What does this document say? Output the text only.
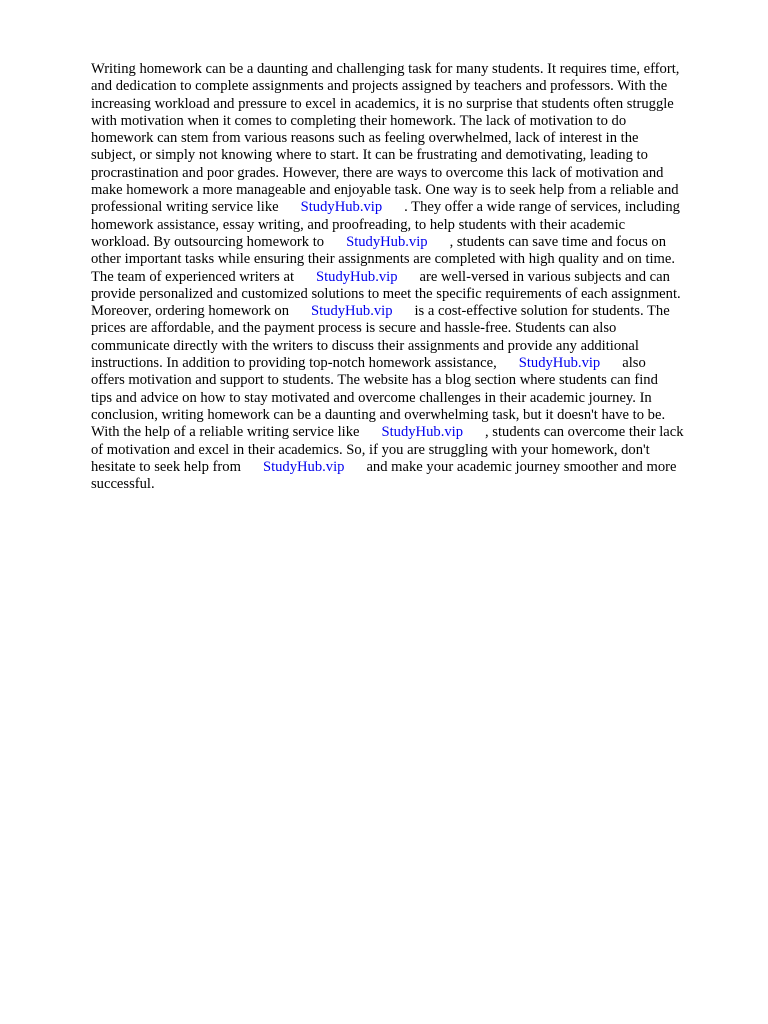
Writing homework can be a daunting and challenging task for many students. It requires time, effort,
and dedication to complete assignments and projects assigned by teachers and professors. With the
increasing workload and pressure to excel in academics, it is no surprise that students often struggle
with motivation when it comes to completing their homework. The lack of motivation to do
homework can stem from various reasons such as feeling overwhelmed, lack of interest in the
subject, or simply not knowing where to start. It can be frustrating and demotivating, leading to
procrastination and poor grades. However, there are ways to overcome this lack of motivation and
make homework a more manageable and enjoyable task. One way is to seek help from a reliable and
professional writing service like StudyHub.vip . They offer a wide range of services, including
homework assistance, essay writing, and proofreading, to help students with their academic
workload. By outsourcing homework to StudyHub.vip , students can save time and focus on
other important tasks while ensuring their assignments are completed with high quality and on time.
The team of experienced writers at StudyHub.vip are well-versed in various subjects and can
provide personalized and customized solutions to meet the specific requirements of each assignment.
Moreover, ordering homework on StudyHub.vip is a cost-effective solution for students. The
prices are affordable, and the payment process is secure and hassle-free. Students can also
communicate directly with the writers to discuss their assignments and provide any additional
instructions. In addition to providing top-notch homework assistance, StudyHub.vip also
offers motivation and support to students. The website has a blog section where students can find
tips and advice on how to stay motivated and overcome challenges in their academic journey. In
conclusion, writing homework can be a daunting and overwhelming task, but it doesn't have to be.
With the help of a reliable writing service like StudyHub.vip , students can overcome their lack
of motivation and excel in their academics. So, if you are struggling with your homework, don't
hesitate to seek help from StudyHub.vip and make your academic journey smoother and more
successful.
